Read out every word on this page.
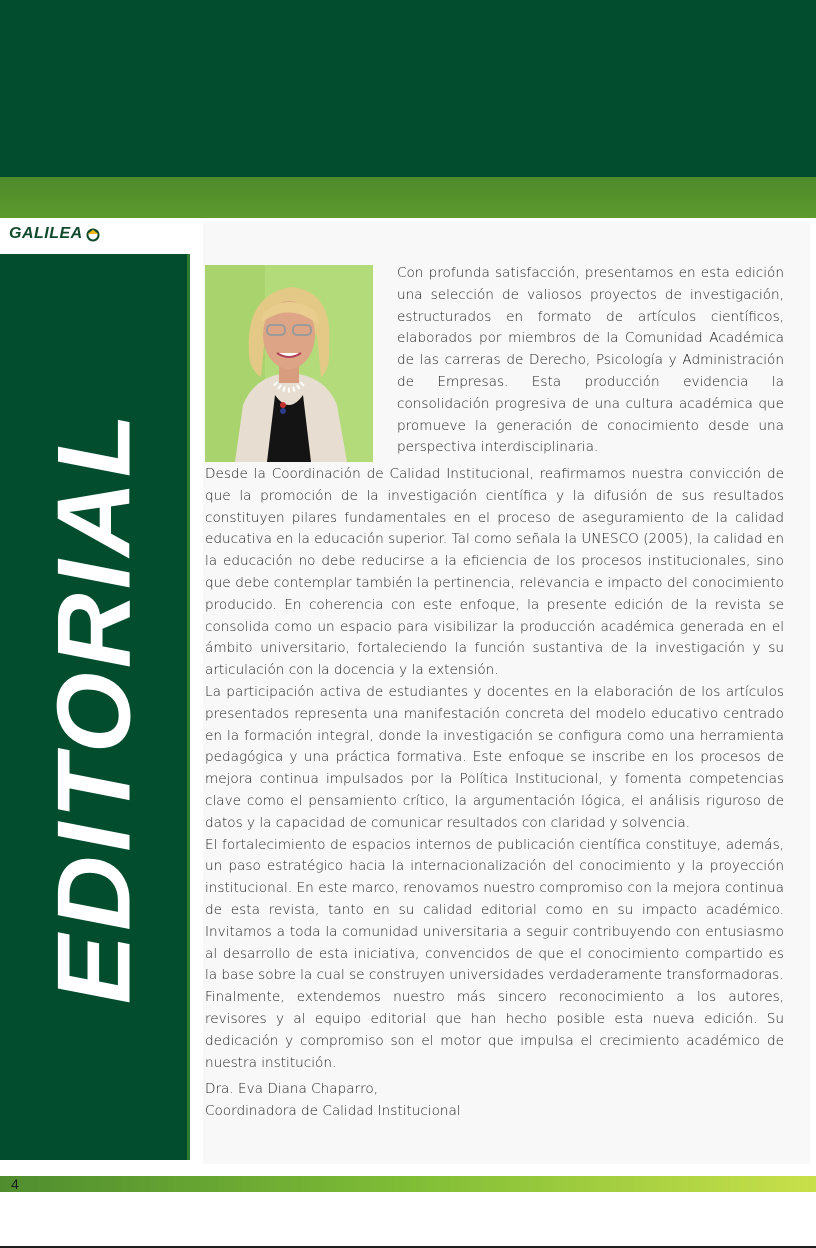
GALILEA
EDITORIAL
Con profunda satisfacción, presentamos en esta edición una selección de valiosos proyectos de investigación, estructurados en formato de artículos científicos, elaborados por miembros de la Comunidad Académica de las carreras de Derecho, Psicología y Administración de Empresas. Esta producción evidencia la consolidación progresiva de una cultura académica que promueve la generación de conocimiento desde una perspectiva interdisciplinaria.

Desde la Coordinación de Calidad Institucional, reafirmamos nuestra convicción de que la promoción de la investigación científica y la difusión de sus resultados constituyen pilares fundamentales en el proceso de aseguramiento de la calidad educativa en la educación superior. Tal como señala la UNESCO (2005), la calidad en la educación no debe reducirse a la eficiencia de los procesos institucionales, sino que debe contemplar también la pertinencia, relevancia e impacto del conocimiento producido. En coherencia con este enfoque, la presente edición de la revista se consolida como un espacio para visibilizar la producción académica generada en el ámbito universitario, fortaleciendo la función sustantiva de la investigación y su articulación con la docencia y la extensión.

La participación activa de estudiantes y docentes en la elaboración de los artículos presentados representa una manifestación concreta del modelo educativo centrado en la formación integral, donde la investigación se configura como una herramienta pedagógica y una práctica formativa. Este enfoque se inscribe en los procesos de mejora continua impulsados por la Política Institucional, y fomenta competencias clave como el pensamiento crítico, la argumentación lógica, el análisis riguroso de datos y la capacidad de comunicar resultados con claridad y solvencia.

El fortalecimiento de espacios internos de publicación científica constituye, además, un paso estratégico hacia la internacionalización del conocimiento y la proyección institucional. En este marco, renovamos nuestro compromiso con la mejora continua de esta revista, tanto en su calidad editorial como en su impacto académico. Invitamos a toda la comunidad universitaria a seguir contribuyendo con entusiasmo al desarrollo de esta iniciativa, convencidos de que el conocimiento compartido es la base sobre la cual se construyen universidades verdaderamente transformadoras.

Finalmente, extendemos nuestro más sincero reconocimiento a los autores, revisores y al equipo editorial que han hecho posible esta nueva edición. Su dedicación y compromiso son el motor que impulsa el crecimiento académico de nuestra institución.

Dra. Eva Diana Chaparro,
Coordinadora de Calidad Institucional
4
